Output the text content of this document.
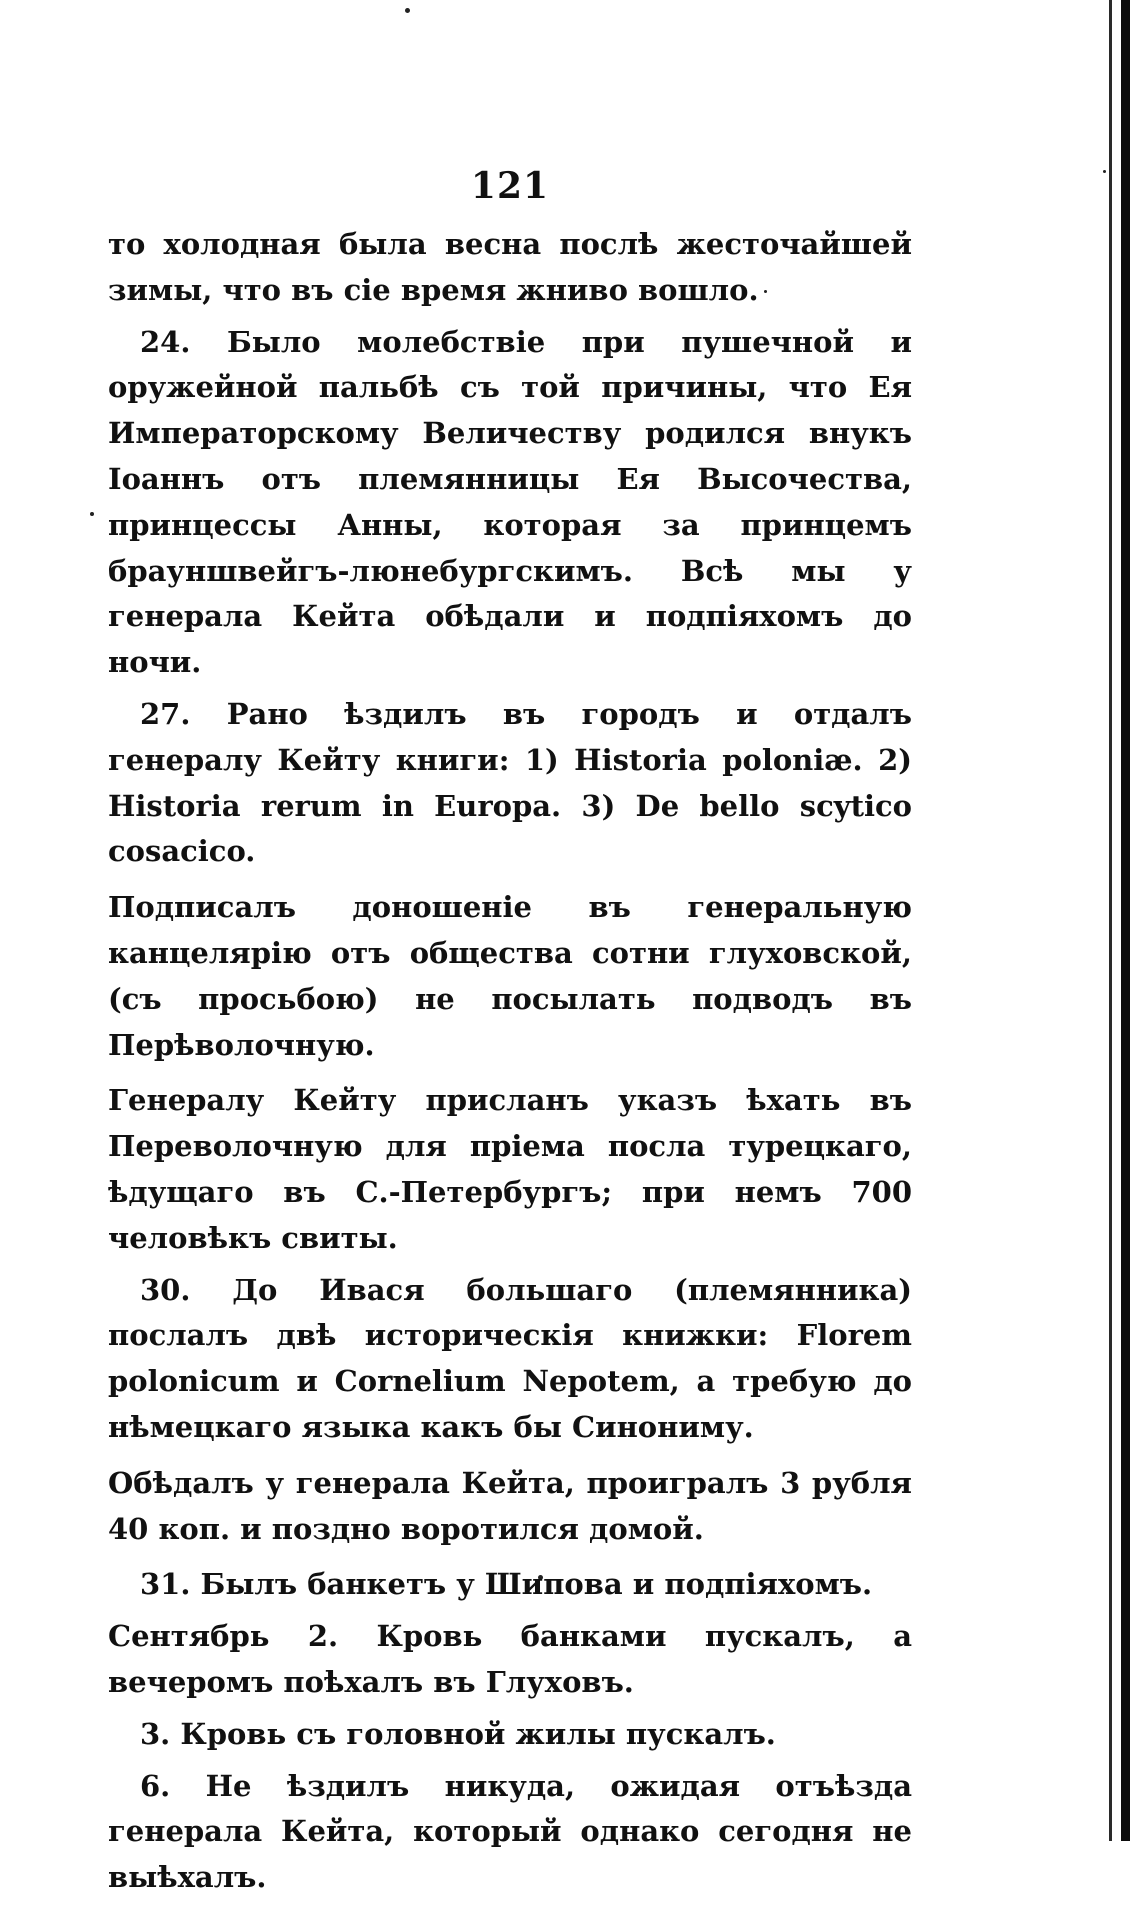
121

то холодная была весна послѣ жесточайшей зимы, что въ сіе время жниво вошло.

24. Было молебствіе при пушечной и оружейной пальбѣ съ той причины, что Ея Императорскому Величеству родился внукъ Іоаннъ отъ племянницы Ея Высочества, принцессы Анны, которая за принцемъ брауншвейгъ-люнебургскимъ. Всѣ мы у генерала Кейта обѣдали и подпіяхомъ до ночи.

27. Рано ѣздилъ въ городъ и отдалъ генералу Кейту книги: 1) Historia poloniæ. 2) Historia rerum in Europa. 3) De bello scytico cosacico.

Подписалъ доношеніе въ генеральную канцелярію отъ общества сотни глуховской, (съ просьбою) не посылать подводъ въ Перѣволочную.

Генералу Кейту присланъ указъ ѣхать въ Переволочную для пріема посла турецкаго, ѣдущаго въ С.-Петербургъ; при немъ 700 человѣкъ свиты.

30. До Ивася большаго (племянника) послалъ двѣ историческія книжки: Florem polonicum и Cornelium Nepotem, а требую до нѣмецкаго языка какъ бы Синониму.

Обѣдалъ у генерала Кейта, проигралъ 3 рубля 40 коп. и поздно воротился домой.

31. Былъ банкетъ у Шипова и подпіяхомъ.

Сентябрь 2. Кровь банками пускалъ, а вечеромъ поѣхалъ въ Глуховъ.

3. Кровь съ головной жилы пускалъ.

6. Не ѣздилъ никуда, ожидая отъѣзда генерала Кейта, который однако сегодня не выѣхалъ.
